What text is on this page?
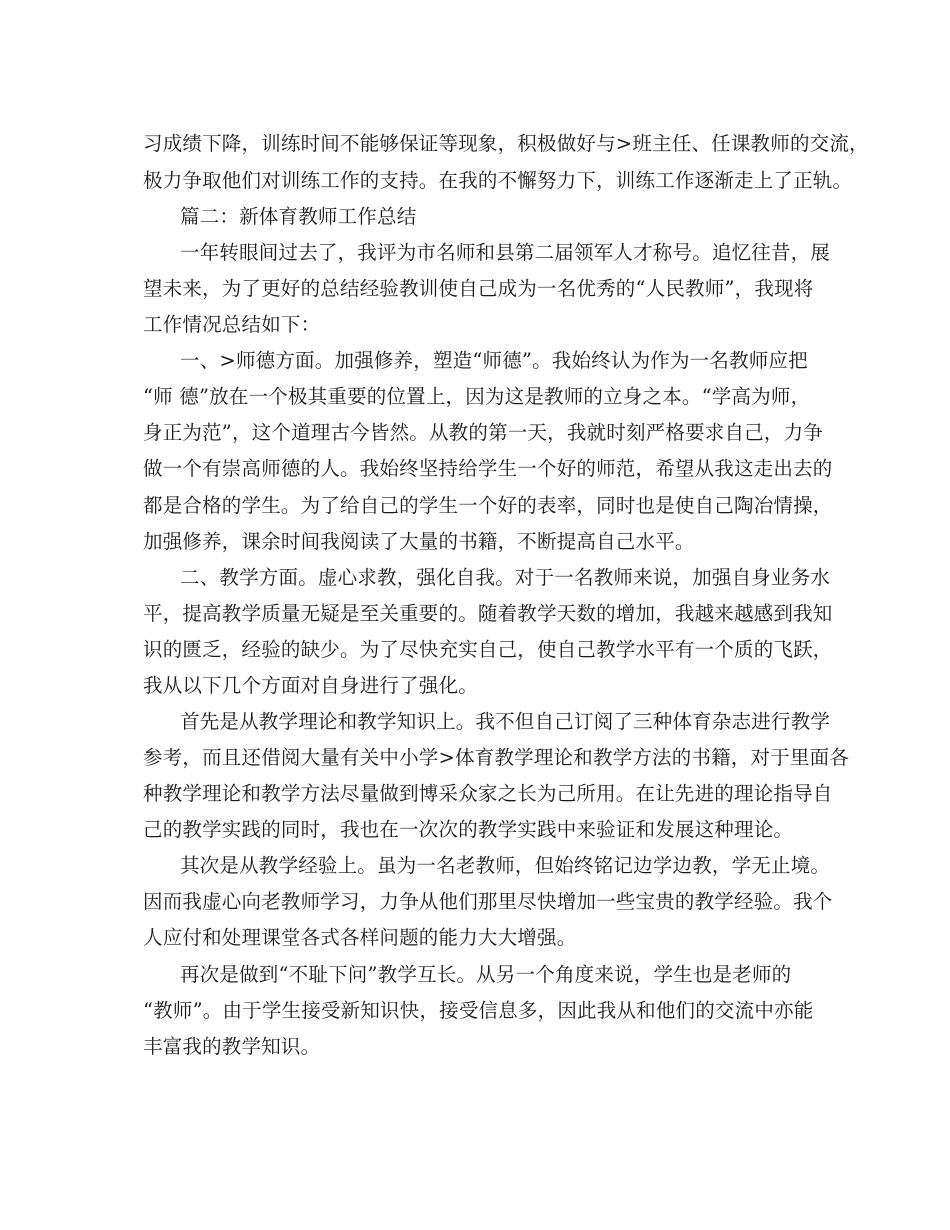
习成绩下降，训练时间不能够保证等现象，积极做好与>班主任、任课教师的交流，
极力争取他们对训练工作的支持。在我的不懈努力下，训练工作逐渐走上了正轨。
篇二：新体育教师工作总结
一年转眼间过去了，我评为市名师和县第二届领军人才称号。追忆往昔，展
望未来，为了更好的总结经验教训使自己成为一名优秀的“人民教师”，我现将
工作情况总结如下：
一、>师德方面。加强修养，塑造“师德”。我始终认为作为一名教师应把
“师 德”放在一个极其重要的位置上，因为这是教师的立身之本。“学高为师，
身正为范”，这个道理古今皆然。从教的第一天，我就时刻严格要求自己，力争
做一个有崇高师德的人。我始终坚持给学生一个好的师范，希望从我这走出去的
都是合格的学生。为了给自己的学生一个好的表率，同时也是使自己陶冶情操，
加强修养，课余时间我阅读了大量的书籍，不断提高自己水平。
二、教学方面。虚心求教，强化自我。对于一名教师来说，加强自身业务水
平，提高教学质量无疑是至关重要的。随着教学天数的增加，我越来越感到我知
识的匮乏，经验的缺少。为了尽快充实自己，使自己教学水平有一个质的飞跃，
我从以下几个方面对自身进行了强化。
首先是从教学理论和教学知识上。我不但自己订阅了三种体育杂志进行教学
参考，而且还借阅大量有关中小学>体育教学理论和教学方法的书籍，对于里面各
种教学理论和教学方法尽量做到博采众家之长为己所用。在让先进的理论指导自
己的教学实践的同时，我也在一次次的教学实践中来验证和发展这种理论。
其次是从教学经验上。虽为一名老教师，但始终铭记边学边教，学无止境。
因而我虚心向老教师学习，力争从他们那里尽快增加一些宝贵的教学经验。我个
人应付和处理课堂各式各样问题的能力大大增强。
再次是做到“不耻下问”教学互长。从另一个角度来说，学生也是老师的
“教师”。由于学生接受新知识快，接受信息多，因此我从和他们的交流中亦能
丰富我的教学知识。
